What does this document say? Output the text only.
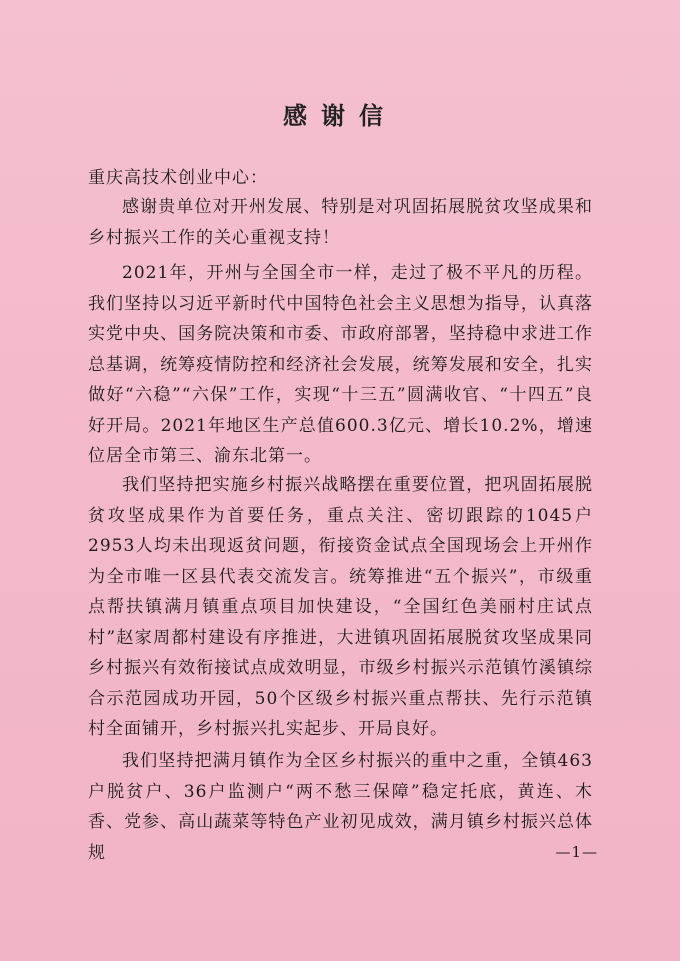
感谢信
重庆高技术创业中心：
感谢贵单位对开州发展、特别是对巩固拓展脱贫攻坚成果和乡村振兴工作的关心重视支持！
2021年，开州与全国全市一样，走过了极不平凡的历程。我们坚持以习近平新时代中国特色社会主义思想为指导，认真落实党中央、国务院决策和市委、市政府部署，坚持稳中求进工作总基调，统筹疫情防控和经济社会发展，统筹发展和安全，扎实做好“六稳”“六保”工作，实现“十三五”圆满收官、“十四五”良好开局。2021年地区生产总值600.3亿元、增长10.2%，增速位居全市第三、渝东北第一。
我们坚持把实施乡村振兴战略摆在重要位置，把巩固拓展脱贫攻坚成果作为首要任务，重点关注、密切跟踪的1045户2953人均未出现返贫问题，衔接资金试点全国现场会上开州作为全市唯一区县代表交流发言。统筹推进“五个振兴”，市级重点帮扶镇满月镇重点项目加快建设，“全国红色美丽村庄试点村”赵家周都村建设有序推进，大进镇巩固拓展脱贫攻坚成果同乡村振兴有效衔接试点成效明显，市级乡村振兴示范镇竹溪镇综合示范园成功开园，50个区级乡村振兴重点帮扶、先行示范镇村全面铺开，乡村振兴扎实起步、开局良好。
我们坚持把满月镇作为全区乡村振兴的重中之重，全镇463户脱贫户、36户监测户“两不愁三保障”稳定托底，黄连、木香、党参、高山蔬菜等特色产业初见成效，满月镇乡村振兴总体规	—1—
